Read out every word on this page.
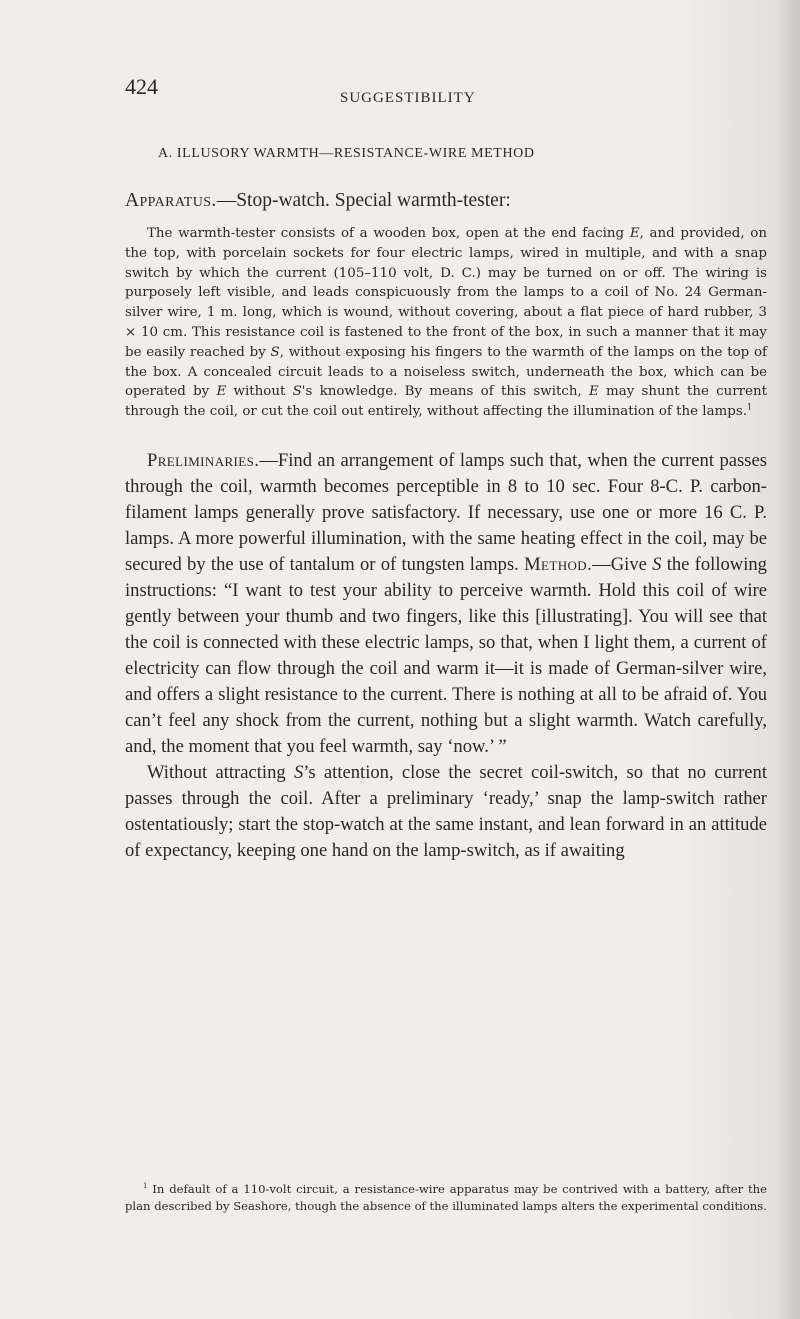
424	SUGGESTIBILITY
A. ILLUSORY WARMTH—RESISTANCE-WIRE METHOD
Apparatus.—Stop-watch. Special warmth-tester:

The warmth-tester consists of a wooden box, open at the end facing E, and provided, on the top, with porcelain sockets for four electric lamps, wired in multiple, and with a snap switch by which the current (105–110 volt, D. C.) may be turned on or off. The wiring is purposely left visible, and leads conspicuously from the lamps to a coil of No. 24 German-silver wire, 1 m. long, which is wound, without covering, about a flat piece of hard rubber, 3 × 10 cm. This resistance coil is fastened to the front of the box, in such a manner that it may be easily reached by S, without exposing his fingers to the warmth of the lamps on the top of the box. A concealed circuit leads to a noiseless switch, underneath the box, which can be operated by E without S's knowledge. By means of this switch, E may shunt the current through the coil, or cut the coil out entirely, without affecting the illumination of the lamps.$^1$

Preliminaries.—Find an arrangement of lamps such that, when the current passes through the coil, warmth becomes perceptible in 8 to 10 sec. Four 8-C. P. carbon-filament lamps generally prove satisfactory. If necessary, use one or more 16 C. P. lamps. A more powerful illumination, with the same heating effect in the coil, may be secured by the use of tantalum or of tungsten lamps. Method.—Give S the following instructions: “I want to test your ability to perceive warmth. Hold this coil of wire gently between your thumb and two fingers, like this [illustrating]. You will see that the coil is connected with these electric lamps, so that, when I light them, a current of electricity can flow through the coil and warm it—it is made of German-silver wire, and offers a slight resistance to the current. There is nothing at all to be afraid of. You can’t feel any shock from the current, nothing but a slight warmth. Watch carefully, and, the moment that you feel warmth, say ‘now.’ ”

Without attracting S’s attention, close the secret coil-switch, so that no current passes through the coil. After a preliminary ‘ready,’ snap the lamp-switch rather ostentatiously; start the stop-watch at the same instant, and lean forward in an attitude of expectancy, keeping one hand on the lamp-switch, as if awaiting

$^1$ In default of a 110-volt circuit, a resistance-wire apparatus may be contrived with a battery, after the plan described by Seashore, though the absence of the illuminated lamps alters the experimental conditions.
